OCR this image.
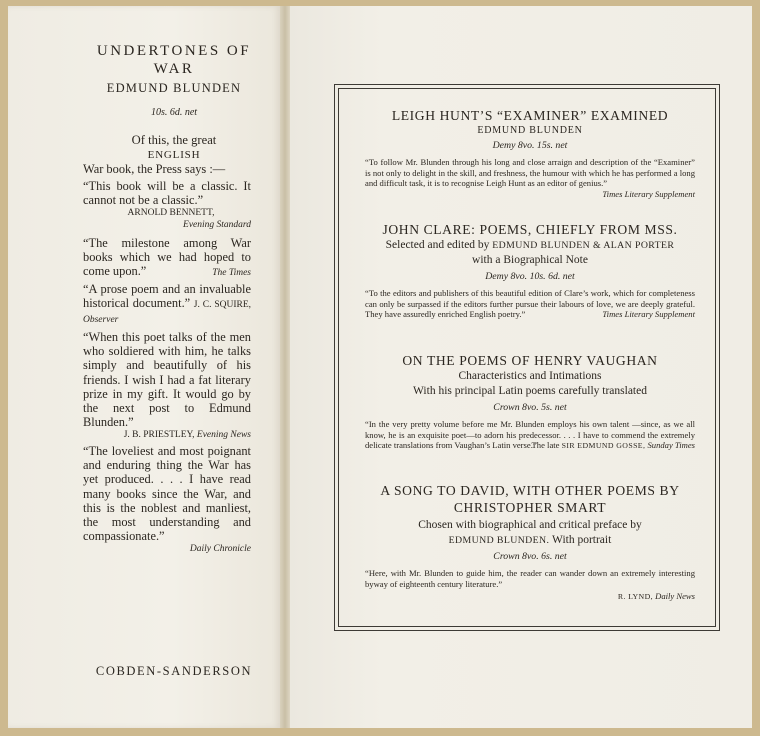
UNDERTONES OF
WAR
EDMUND BLUNDEN
10s. 6d. net
Of this, the great
ENGLISH
War book, the Press says :—
“This book will be a classic. It cannot not be a classic.”
ARNOLD BENNETT,
Evening Standard
“The milestone among War books which we had hoped to come upon.”	The Times
“A prose poem and an invaluable historical document.” J. C. SQUIRE, Observer
“When this poet talks of the men who soldiered with him, he talks simply and beautifully of his friends. I wish I had a fat literary prize in my gift. It would go by the next post to Edmund Blunden.”
J. B. PRIESTLEY, Evening News
“The loveliest and most poignant and enduring thing the War has yet produced. . . . I have read many books since the War, and this is the noblest and manliest, the most understanding and compassionate.”
Daily Chronicle
COBDEN-SANDERSON
LEIGH HUNT’S “EXAMINER” EXAMINED
EDMUND BLUNDEN
Demy 8vo. 15s. net
“To follow Mr. Blunden through his long and close arraign and description of the “Examiner” is not only to delight in the skill, and freshness, the humour with which he has performed a long and difficult task, it is to recognise Leigh Hunt as an editor of genius.”
Times Literary Supplement
JOHN CLARE: POEMS, CHIEFLY FROM MSS.
Selected and edited by EDMUND BLUNDEN & ALAN PORTER
with a Biographical Note
Demy 8vo. 10s. 6d. net
“To the editors and publishers of this beautiful edition of Clare’s work, which for completeness can only be surpassed if the editors further pursue their labours of love, we are deeply grateful. They have assuredly enriched English poetry.”	Times Literary Supplement
ON THE POEMS OF HENRY VAUGHAN
Characteristics and Intimations
With his principal Latin poems carefully translated
Crown 8vo. 5s. net
“In the very pretty volume before me Mr. Blunden employs his own talent —since, as we all know, he is an exquisite poet—to adorn his predecessor. . . . I have to commend the extremely delicate translations from Vaughan’s Latin verse.”
The late SIR EDMUND GOSSE, Sunday Times
A SONG TO DAVID, WITH OTHER POEMS BY
CHRISTOPHER SMART
Chosen with biographical and critical preface by
EDMUND BLUNDEN. With portrait
Crown 8vo. 6s. net
“Here, with Mr. Blunden to guide him, the reader can wander down an extremely interesting byway of eighteenth century literature.”
R. LYND, Daily News
